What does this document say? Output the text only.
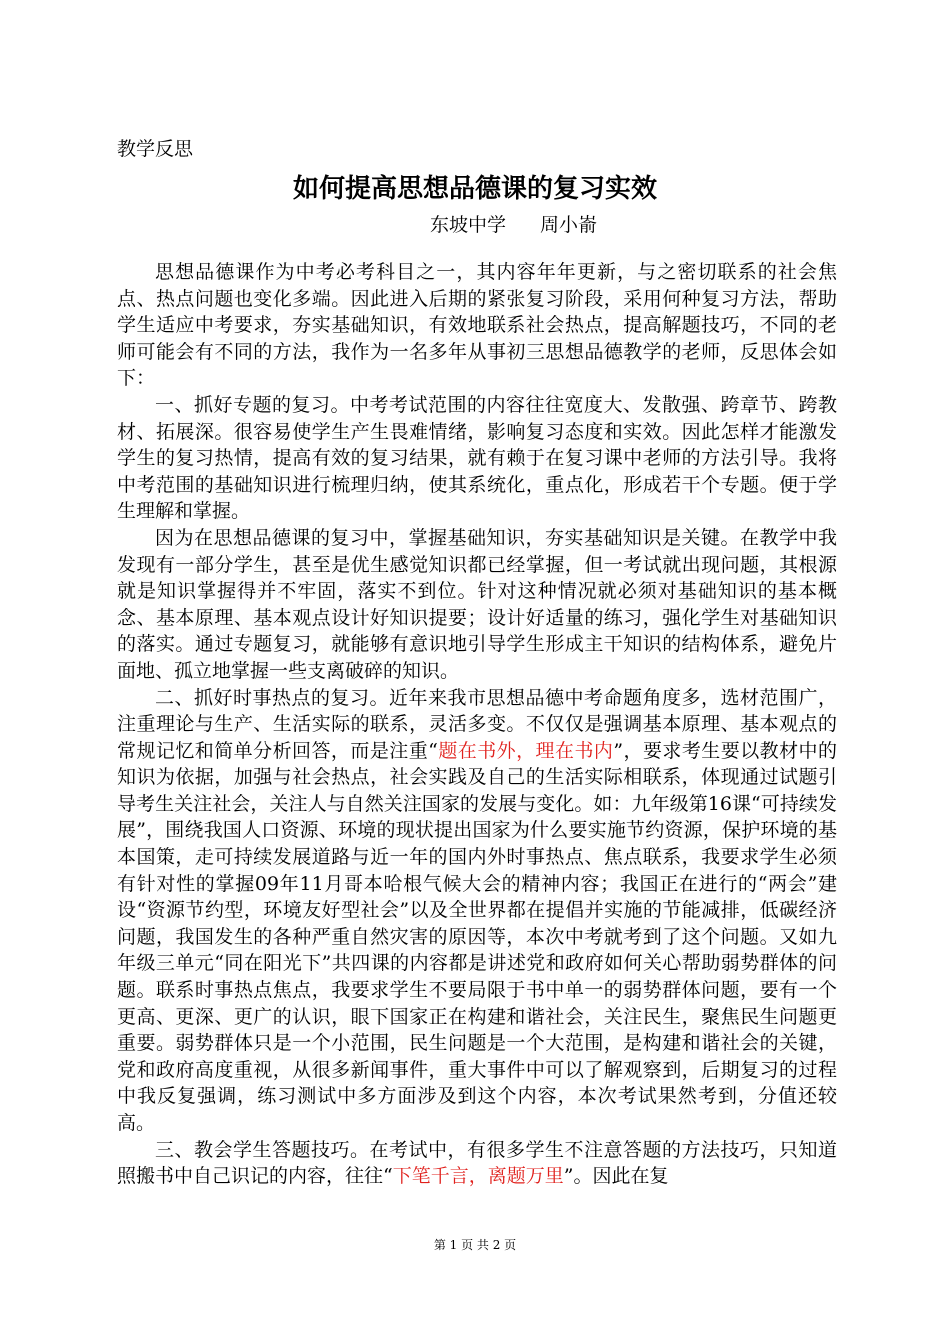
教学反思
如何提高思想品德课的复习实效
东坡中学 周小嵛

思想品德课作为中考必考科目之一，其内容年年更新，与之密切联系的社会焦点、热点问题也变化多端。因此进入后期的紧张复习阶段，采用何种复习方法，帮助学生适应中考要求，夯实基础知识，有效地联系社会热点，提高解题技巧，不同的老师可能会有不同的方法，我作为一名多年从事初三思想品德教学的老师，反思体会如下：

一、抓好专题的复习。中考考试范围的内容往往宽度大、发散强、跨章节、跨教材、拓展深。很容易使学生产生畏难情绪，影响复习态度和实效。因此怎样才能激发学生的复习热情，提高有效的复习结果，就有赖于在复习课中老师的方法引导。我将中考范围的基础知识进行梳理归纳，使其系统化，重点化，形成若干个专题。便于学生理解和掌握。

因为在思想品德课的复习中，掌握基础知识，夯实基础知识是关键。在教学中我发现有一部分学生，甚至是优生感觉知识都已经掌握，但一考试就出现问题，其根源就是知识掌握得并不牢固，落实不到位。针对这种情况就必须对基础知识的基本概念、基本原理、基本观点设计好知识提要；设计好适量的练习，强化学生对基础知识的落实。通过专题复习，就能够有意识地引导学生形成主干知识的结构体系，避免片面地、孤立地掌握一些支离破碎的知识。

二、抓好时事热点的复习。近年来我市思想品德中考命题角度多，选材范围广，注重理论与生产、生活实际的联系，灵活多变。不仅仅是强调基本原理、基本观点的常规记忆和简单分析回答，而是注重“题在书外，理在书内”，要求考生要以教材中的知识为依据，加强与社会热点，社会实践及自己的生活实际相联系，体现通过试题引导考生关注社会，关注人与自然关注国家的发展与变化。如：九年级第16课“可持续发展”，围绕我国人口资源、环境的现状提出国家为什么要实施节约资源，保护环境的基本国策，走可持续发展道路与近一年的国内外时事热点、焦点联系，我要求学生必须有针对性的掌握09年11月哥本哈根气候大会的精神内容；我国正在进行的“两会”建设“资源节约型，环境友好型社会”以及全世界都在提倡并实施的节能减排，低碳经济问题，我国发生的各种严重自然灾害的原因等，本次中考就考到了这个问题。又如九年级三单元“同在阳光下”共四课的内容都是讲述党和政府如何关心帮助弱势群体的问题。联系时事热点焦点，我要求学生不要局限于书中单一的弱势群体问题，要有一个更高、更深、更广的认识，眼下国家正在构建和谐社会，关注民生，聚焦民生问题更重要。弱势群体只是一个小范围，民生问题是一个大范围，是构建和谐社会的关键，党和政府高度重视，从很多新闻事件，重大事件中可以了解观察到，后期复习的过程中我反复强调，练习测试中多方面涉及到这个内容，本次考试果然考到，分值还较高。

三、教会学生答题技巧。在考试中，有很多学生不注意答题的方法技巧，只知道照搬书中自己识记的内容，往往“下笔千言，离题万里”。因此在复

第 1 页 共 2 页
